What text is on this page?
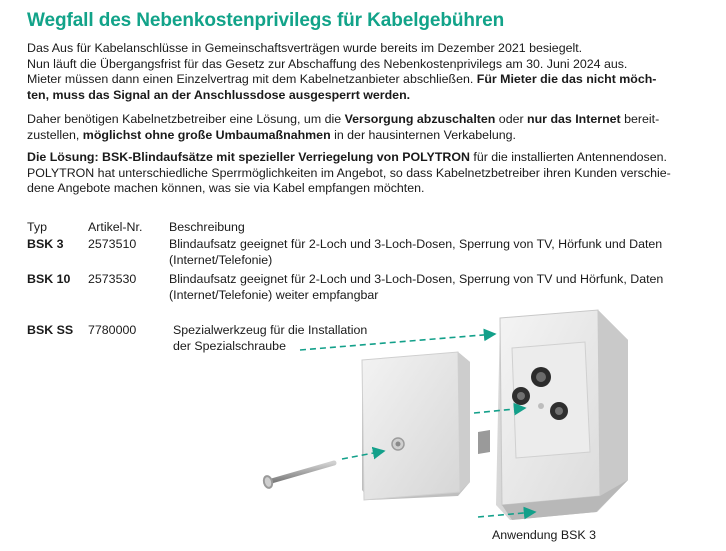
Wegfall des Nebenkostenprivilegs für Kabelgebühren
Das Aus für Kabelanschlüsse in Gemeinschaftsverträgen wurde bereits im Dezember 2021 besiegelt.
Nun läuft die Übergangsfrist für das Gesetz zur Abschaffung des Nebenkostenprivilegs am 30. Juni 2024 aus.
Mieter müssen dann einen Einzelvertrag mit dem Kabelnetzanbieter abschließen. Für Mieter die das nicht möch-
ten, muss das Signal an der Anschlussdose ausgesperrt werden.
Daher benötigen Kabelnetzbetreiber eine Lösung, um die Versorgung abzuschalten oder nur das Internet bereit-
zustellen, möglichst ohne große Umbaumaßnahmen in der hausinternen Verkabelung.
Die Lösung: BSK-Blindaufsätze mit spezieller Verriegelung von POLYTRON für die installierten Antennendosen.
POLYTRON hat unterschiedliche Sperrmöglichkeiten im Angebot, so dass Kabelnetzbetreiber ihren Kunden verschie-
dene Angebote machen können, was sie via Kabel empfangen möchten.
Typ	Artikel-Nr. Beschreibung
BSK 3 2573510	Blindaufsatz geeignet für 2-Loch und 3-Loch-Dosen, Sperrung von TV, Hörfunk und Daten
(Internet/Telefonie)
BSK 10 2573530	Blindaufsatz geeignet für 2-Loch und 3-Loch-Dosen, Sperrung von TV und Hörfunk, Daten
(Internet/Telefonie) weiter empfangbar
BSK SS 7780000	Spezialwerkzeug für die Installation
der Spezialschraube
Anwendung BSK 3
